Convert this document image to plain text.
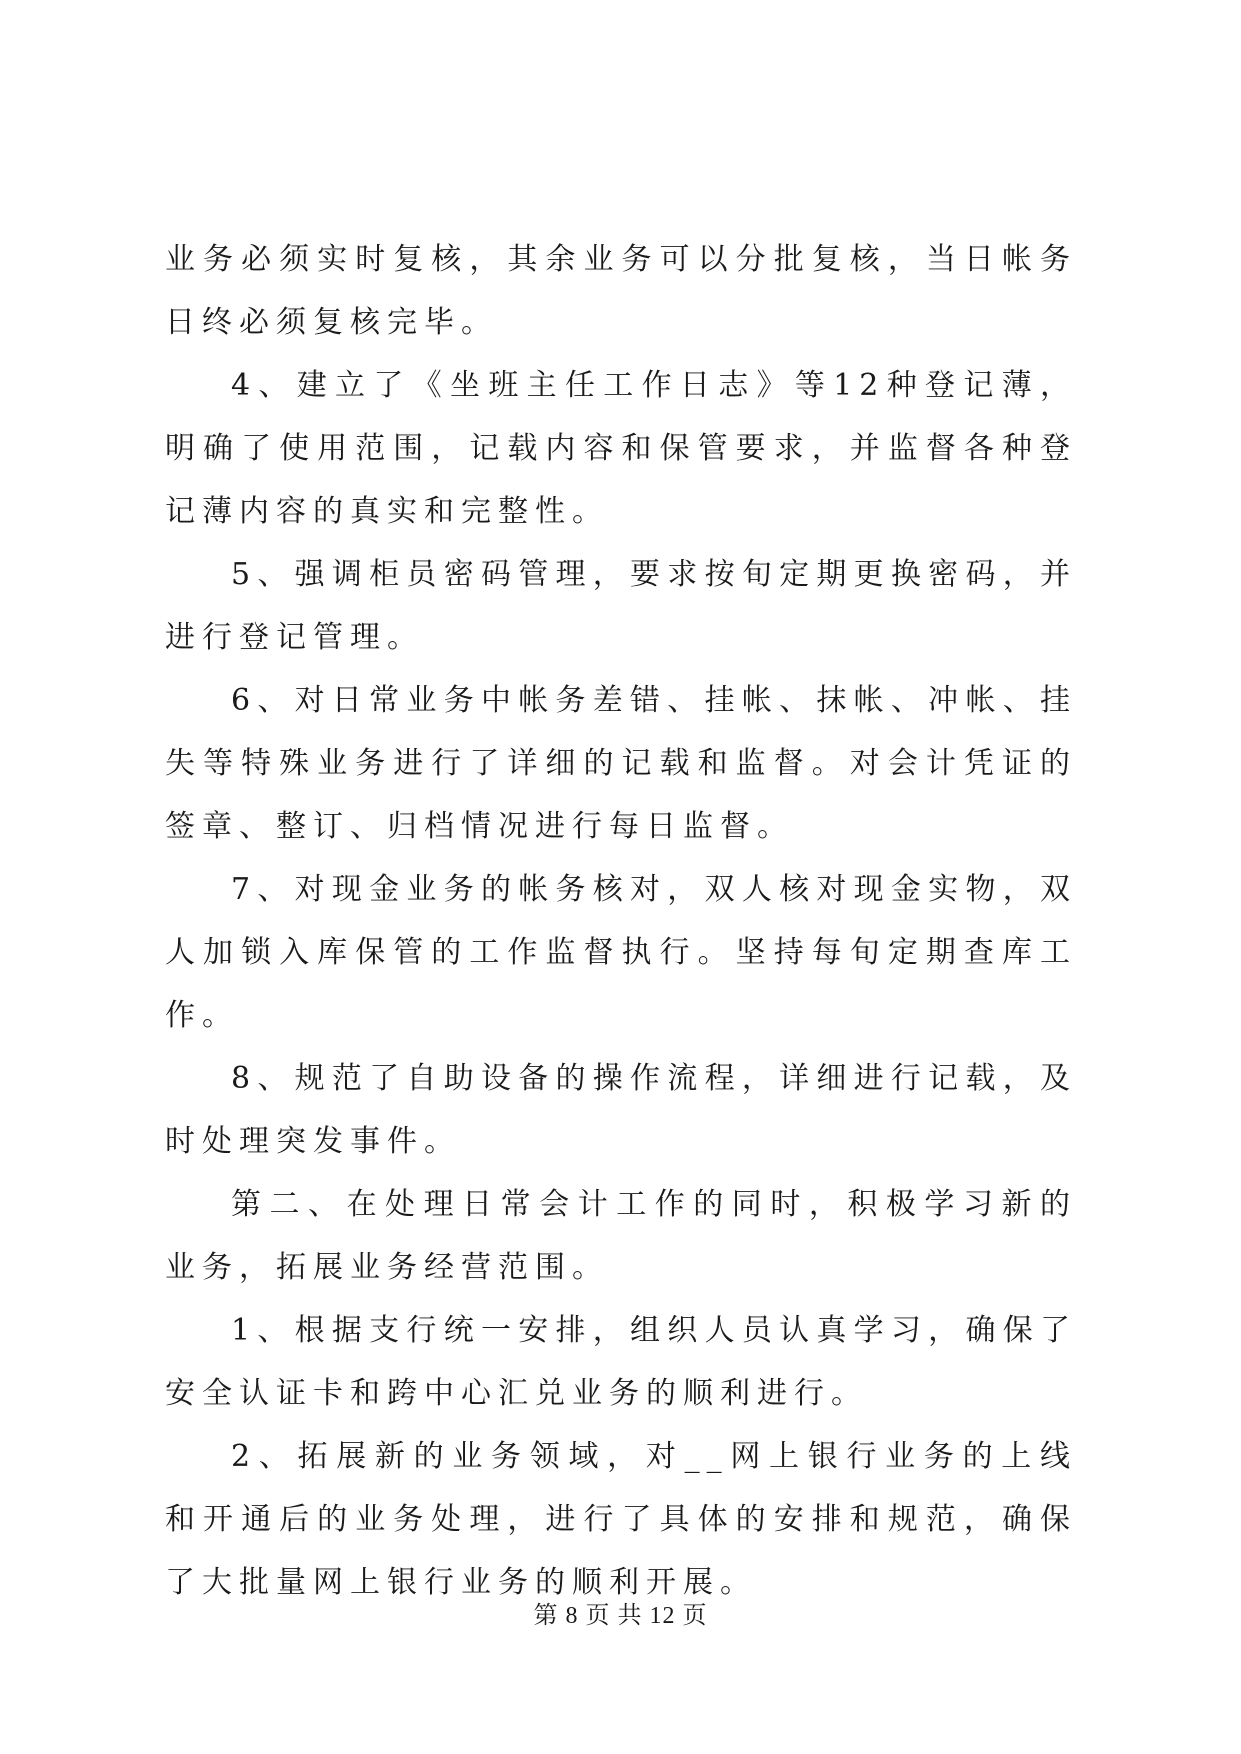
业务必须实时复核，其余业务可以分批复核，当日帐务日终必须复核完毕。

4、建立了《坐班主任工作日志》等12种登记薄，明确了使用范围，记载内容和保管要求，并监督各种登记薄内容的真实和完整性。

5、强调柜员密码管理，要求按旬定期更换密码，并进行登记管理。

6、对日常业务中帐务差错、挂帐、抹帐、冲帐、挂失等特殊业务进行了详细的记载和监督。对会计凭证的签章、整订、归档情况进行每日监督。

7、对现金业务的帐务核对，双人核对现金实物，双人加锁入库保管的工作监督执行。坚持每旬定期查库工作。

8、规范了自助设备的操作流程，详细进行记载，及时处理突发事件。

第二、在处理日常会计工作的同时，积极学习新的业务，拓展业务经营范围。

1、根据支行统一安排，组织人员认真学习，确保了安全认证卡和跨中心汇兑业务的顺利进行。

2、拓展新的业务领域，对__网上银行业务的上线和开通后的业务处理，进行了具体的安排和规范，确保了大批量网上银行业务的顺利开展。

第 8 页 共 12 页
